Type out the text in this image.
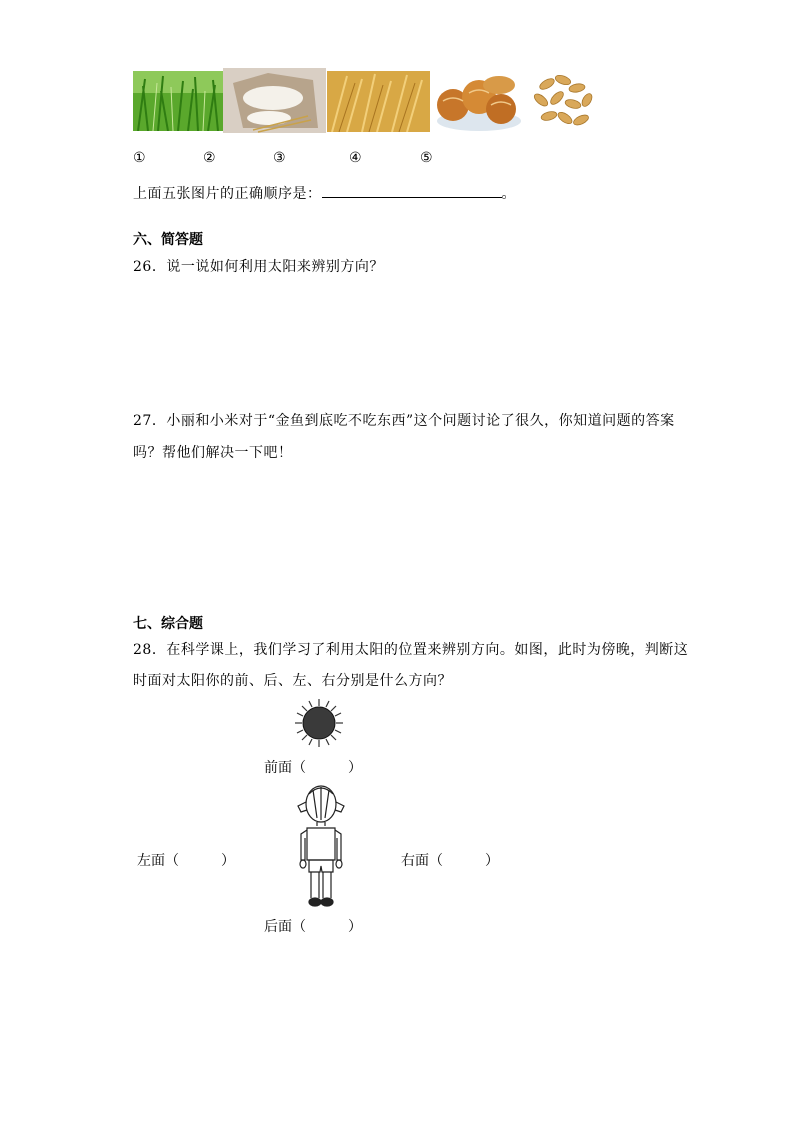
①	②	③	④	⑤
上面五张图片的正确顺序是：	。
六、简答题
26．说一说如何利用太阳来辨别方向？
27．小丽和小米对于“金鱼到底吃不吃东西”这个问题讨论了很久，你知道问题的答案
吗？帮他们解决一下吧！
七、综合题
28．在科学课上，我们学习了利用太阳的位置来辨别方向。如图，此时为傍晚，判断这
时面对太阳你的前、后、左、右分别是什么方向？
前面（　　　）
左面（　　　）	右面（　　　）
后面（　　　）
